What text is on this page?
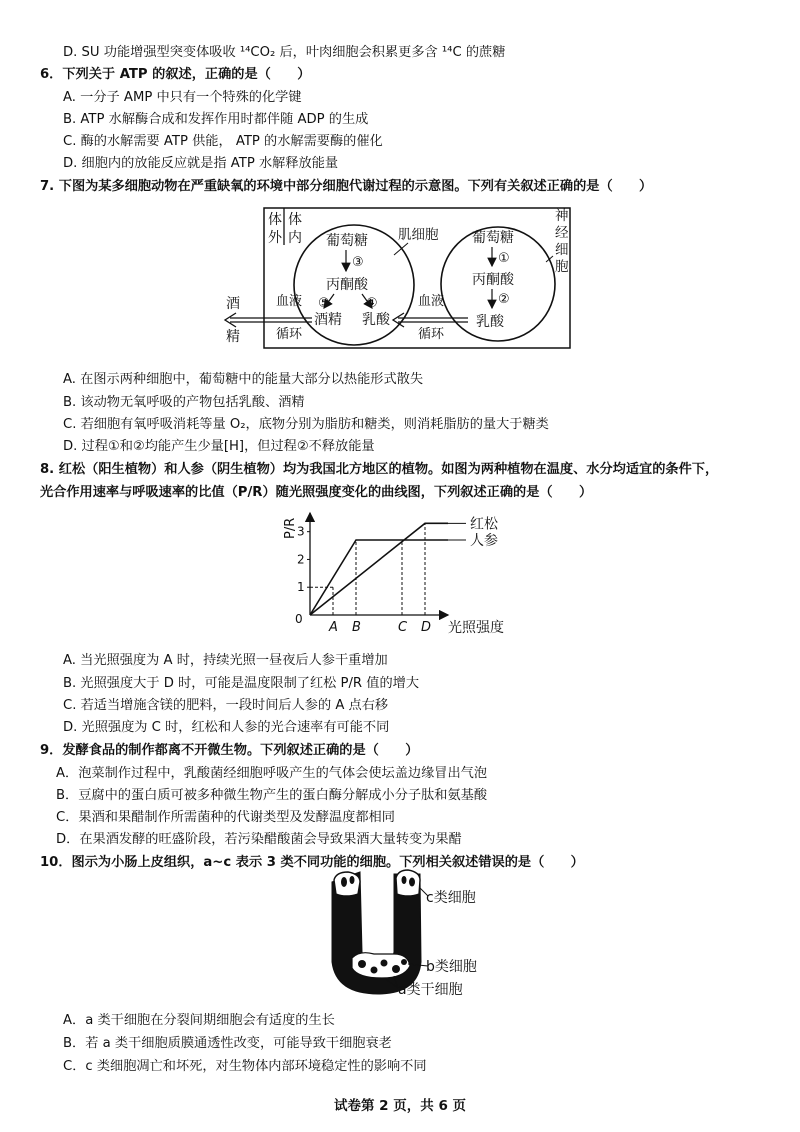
D. SU 功能增强型突变体吸收 ¹⁴CO₂ 后，叶肉细胞会积累更多含 ¹⁴C 的蔗糖
6．下列关于 ATP 的叙述，正确的是（　　）
A. 一分子 AMP 中只有一个特殊的化学键
B. ATP 水解酶合成和发挥作用时都伴随 ADP 的生成
C. 酶的水解需要 ATP 供能， ATP 的水解需要酶的催化
D. 细胞内的放能反应就是指 ATP 水解释放能量
7. 下图为某多细胞动物在严重缺氧的环境中部分细胞代谢过程的示意图。下列有关叙述正确的是（　　）
体
外
体
内	肌细胞
神
经
细
胞
葡萄糖
③
丙酮酸
⑤	④
酒精 乳酸
血液
循环
酒
精
血液
循环
葡萄糖
①
丙酮酸
②
乳酸
A. 在图示两种细胞中，葡萄糖中的能量大部分以热能形式散失
B. 该动物无氧呼吸的产物包括乳酸、酒精
C. 若细胞有氧呼吸消耗等量 O₂，底物分别为脂肪和糖类，则消耗脂肪的量大于糖类
D. 过程①和②均能产生少量[H]，但过程②不释放能量
8. 红松（阳生植物）和人参（阴生植物）均为我国北方地区的植物。如图为两种植物在温度、水分均适宜的条件下，
光合作用速率与呼吸速率的比值（P/R）随光照强度变化的曲线图，下列叙述正确的是（　　）
P/R
光照强度
0
1
2
3
A B	C D
红松
人参
A. 当光照强度为 A 时，持续光照一昼夜后人参干重增加
B. 光照强度大于 D 时，可能是温度限制了红松 P/R 值的增大
C. 若适当增施含镁的肥料，一段时间后人参的 A 点右移
D. 光照强度为 C 时，红松和人参的光合速率有可能不同
9．发酵食品的制作都离不开微生物。下列叙述正确的是（　　）
A．泡菜制作过程中，乳酸菌经细胞呼吸产生的气体会使坛盖边缘冒出气泡
B．豆腐中的蛋白质可被多种微生物产生的蛋白酶分解成小分子肽和氨基酸
C．果酒和果醋制作所需菌种的代谢类型及发酵温度都相同
D．在果酒发酵的旺盛阶段，若污染醋酸菌会导致果酒大量转变为果醋
10．图示为小肠上皮组织，a~c 表示 3 类不同功能的细胞。下列相关叙述错误的是（　　）
c类细胞
b类细胞
a类干细胞
A．a 类干细胞在分裂间期细胞会有适度的生长
B．若 a 类干细胞质膜通透性改变，可能导致干细胞衰老
C．c 类细胞凋亡和坏死，对生物体内部环境稳定性的影响不同
试卷第 2 页，共 6 页
